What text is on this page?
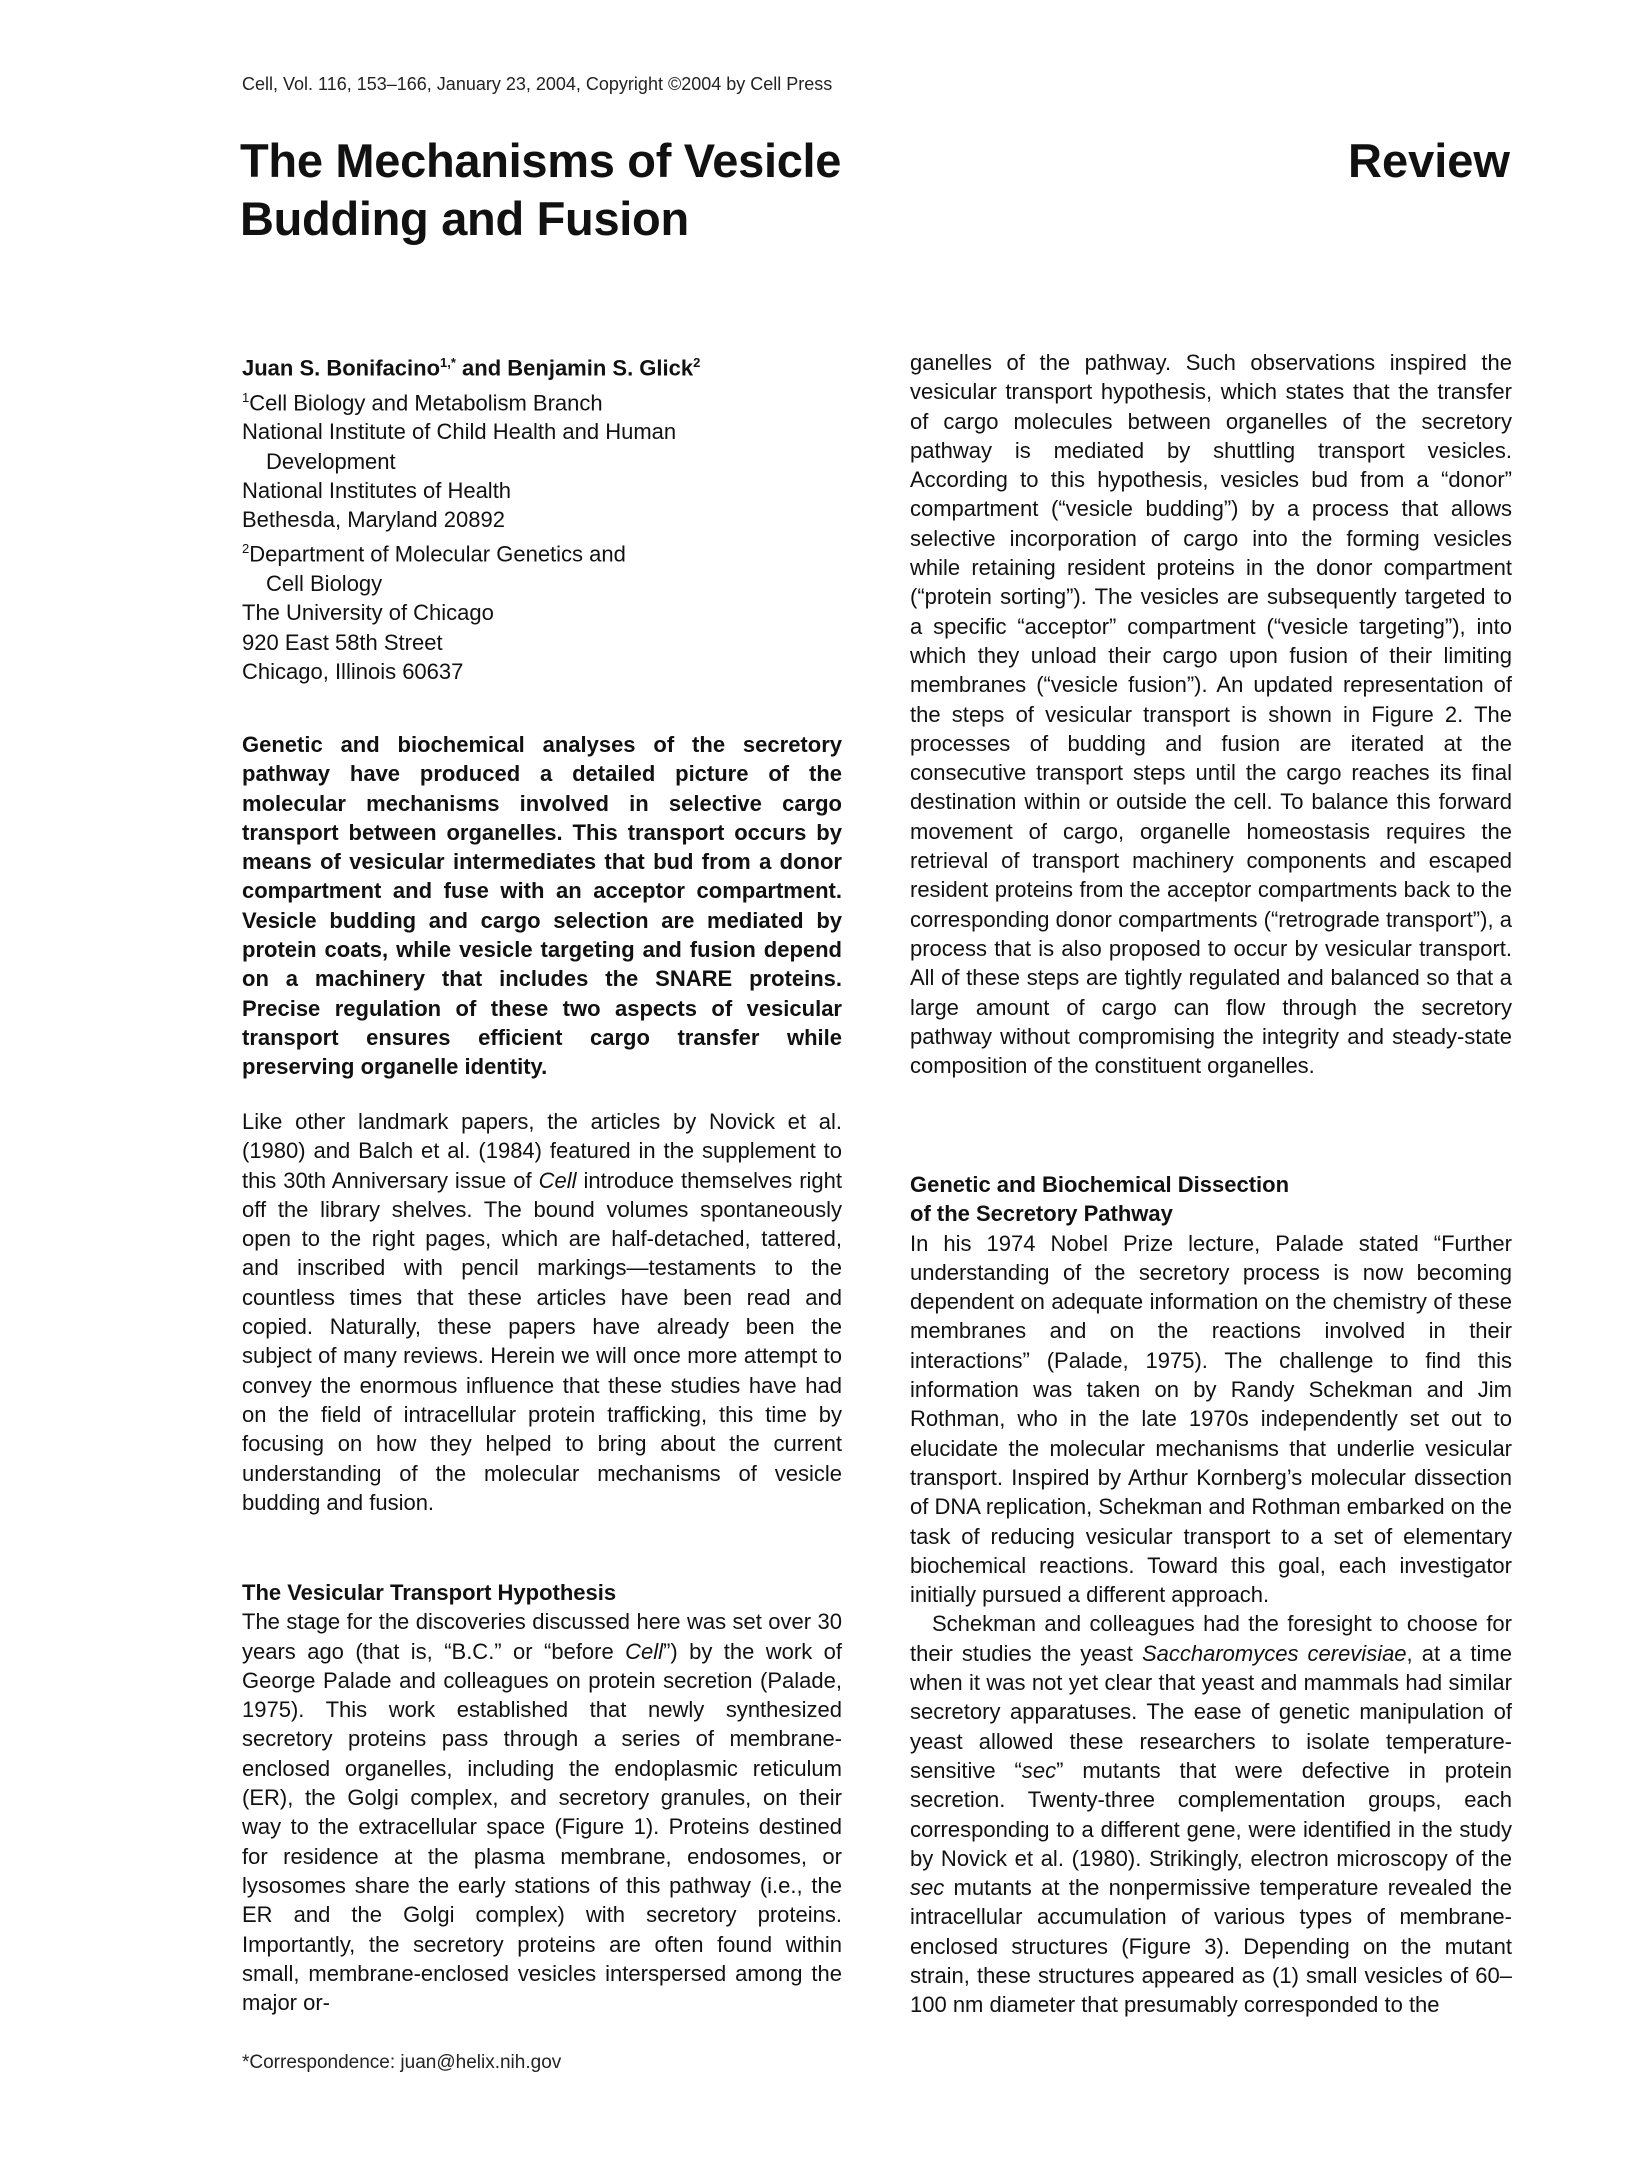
Cell, Vol. 116, 153–166, January 23, 2004, Copyright ©2004 by Cell Press
The Mechanisms of Vesicle Budding and Fusion
Review
Juan S. Bonifacino$^{1,*}$ and Benjamin S. Glick$^2$
$^1$Cell Biology and Metabolism Branch
National Institute of Child Health and Human
Development
National Institutes of Health
Bethesda, Maryland 20892
$^2$Department of Molecular Genetics and
Cell Biology
The University of Chicago
920 East 58th Street
Chicago, Illinois 60637

Genetic and biochemical analyses of the secretory pathway have produced a detailed picture of the molecular mechanisms involved in selective cargo transport between organelles. This transport occurs by means of vesicular intermediates that bud from a donor compartment and fuse with an acceptor compartment. Vesicle budding and cargo selection are mediated by protein coats, while vesicle targeting and fusion depend on a machinery that includes the SNARE proteins. Precise regulation of these two aspects of vesicular transport ensures efficient cargo transfer while preserving organelle identity.

Like other landmark papers, the articles by Novick et al. (1980) and Balch et al. (1984) featured in the supplement to this 30th Anniversary issue of Cell introduce themselves right off the library shelves. The bound volumes spontaneously open to the right pages, which are half-detached, tattered, and inscribed with pencil markings—testaments to the countless times that these articles have been read and copied. Naturally, these papers have already been the subject of many reviews. Herein we will once more attempt to convey the enormous influence that these studies have had on the field of intracellular protein trafficking, this time by focusing on how they helped to bring about the current understanding of the molecular mechanisms of vesicle budding and fusion.

The Vesicular Transport Hypothesis

The stage for the discoveries discussed here was set over 30 years ago (that is, “B.C.” or “before Cell”) by the work of George Palade and colleagues on protein secretion (Palade, 1975). This work established that newly synthesized secretory proteins pass through a series of membrane-enclosed organelles, including the endoplasmic reticulum (ER), the Golgi complex, and secretory granules, on their way to the extracellular space (Figure 1). Proteins destined for residence at the plasma membrane, endosomes, or lysosomes share the early stations of this pathway (i.e., the ER and the Golgi complex) with secretory proteins. Importantly, the secretory proteins are often found within small, membrane-enclosed vesicles interspersed among the major or-

ganelles of the pathway. Such observations inspired the vesicular transport hypothesis, which states that the transfer of cargo molecules between organelles of the secretory pathway is mediated by shuttling transport vesicles. According to this hypothesis, vesicles bud from a “donor” compartment (“vesicle budding”) by a process that allows selective incorporation of cargo into the forming vesicles while retaining resident proteins in the donor compartment (“protein sorting”). The vesicles are subsequently targeted to a specific “acceptor” compartment (“vesicle targeting”), into which they unload their cargo upon fusion of their limiting membranes (“vesicle fusion”). An updated representation of the steps of vesicular transport is shown in Figure 2. The processes of budding and fusion are iterated at the consecutive transport steps until the cargo reaches its final destination within or outside the cell. To balance this forward movement of cargo, organelle homeostasis requires the retrieval of transport machinery components and escaped resident proteins from the acceptor compartments back to the corresponding donor compartments (“retrograde transport”), a process that is also proposed to occur by vesicular transport. All of these steps are tightly regulated and balanced so that a large amount of cargo can flow through the secretory pathway without compromising the integrity and steady-state composition of the constituent organelles.

Genetic and Biochemical Dissection
of the Secretory Pathway

In his 1974 Nobel Prize lecture, Palade stated “Further understanding of the secretory process is now becoming dependent on adequate information on the chemistry of these membranes and on the reactions involved in their interactions” (Palade, 1975). The challenge to find this information was taken on by Randy Schekman and Jim Rothman, who in the late 1970s independently set out to elucidate the molecular mechanisms that underlie vesicular transport. Inspired by Arthur Kornberg’s molecular dissection of DNA replication, Schekman and Rothman embarked on the task of reducing vesicular transport to a set of elementary biochemical reactions. Toward this goal, each investigator initially pursued a different approach.

Schekman and colleagues had the foresight to choose for their studies the yeast Saccharomyces cerevisiae, at a time when it was not yet clear that yeast and mammals had similar secretory apparatuses. The ease of genetic manipulation of yeast allowed these researchers to isolate temperature-sensitive “sec” mutants that were defective in protein secretion. Twenty-three complementation groups, each corresponding to a different gene, were identified in the study by Novick et al. (1980). Strikingly, electron microscopy of the sec mutants at the nonpermissive temperature revealed the intracellular accumulation of various types of membrane-enclosed structures (Figure 3). Depending on the mutant strain, these structures appeared as (1) small vesicles of 60–100 nm diameter that presumably corresponded to the

*Correspondence: juan@helix.nih.gov
